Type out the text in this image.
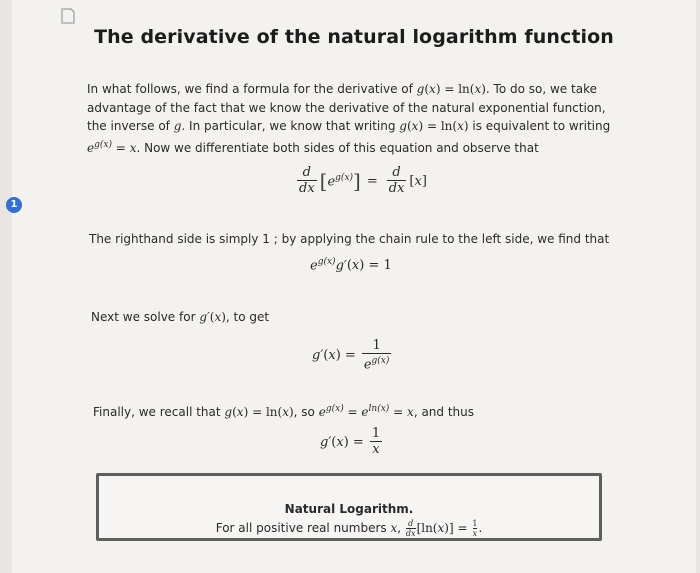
1
The derivative of the natural logarithm function
In what follows, we find a formula for the derivative of g(x) = ln(x). To do so, we take advantage of the fact that we know the derivative of the natural exponential function, the inverse of g. In particular, we know that writing g(x) = ln(x) is equivalent to writing $e^{g(x)} = x$. Now we differentiate both sides of this equation and observe that
$\frac{d}{dx}$ [ $e^{g(x)}$ ] = $\frac{d}{dx}$ [ x ]
The righthand side is simply 1 ; by applying the chain rule to the left side, we find that
$e^{g(x)}g'$ ( x ) = 1
Next we solve for g′(x), to get
g′ ( x ) = $\frac{1}{e^{g(x)}}$
Finally, we recall that g(x) = ln(x), so $e^{g(x)} = e^{ln(x)} = x$, and thus
g′ ( x ) = $\frac{1}{x}$
Natural Logarithm.
For all positive real numbers x, $\frac{d}{dx} [\ln(x)] = \frac{1}{x}$ .
